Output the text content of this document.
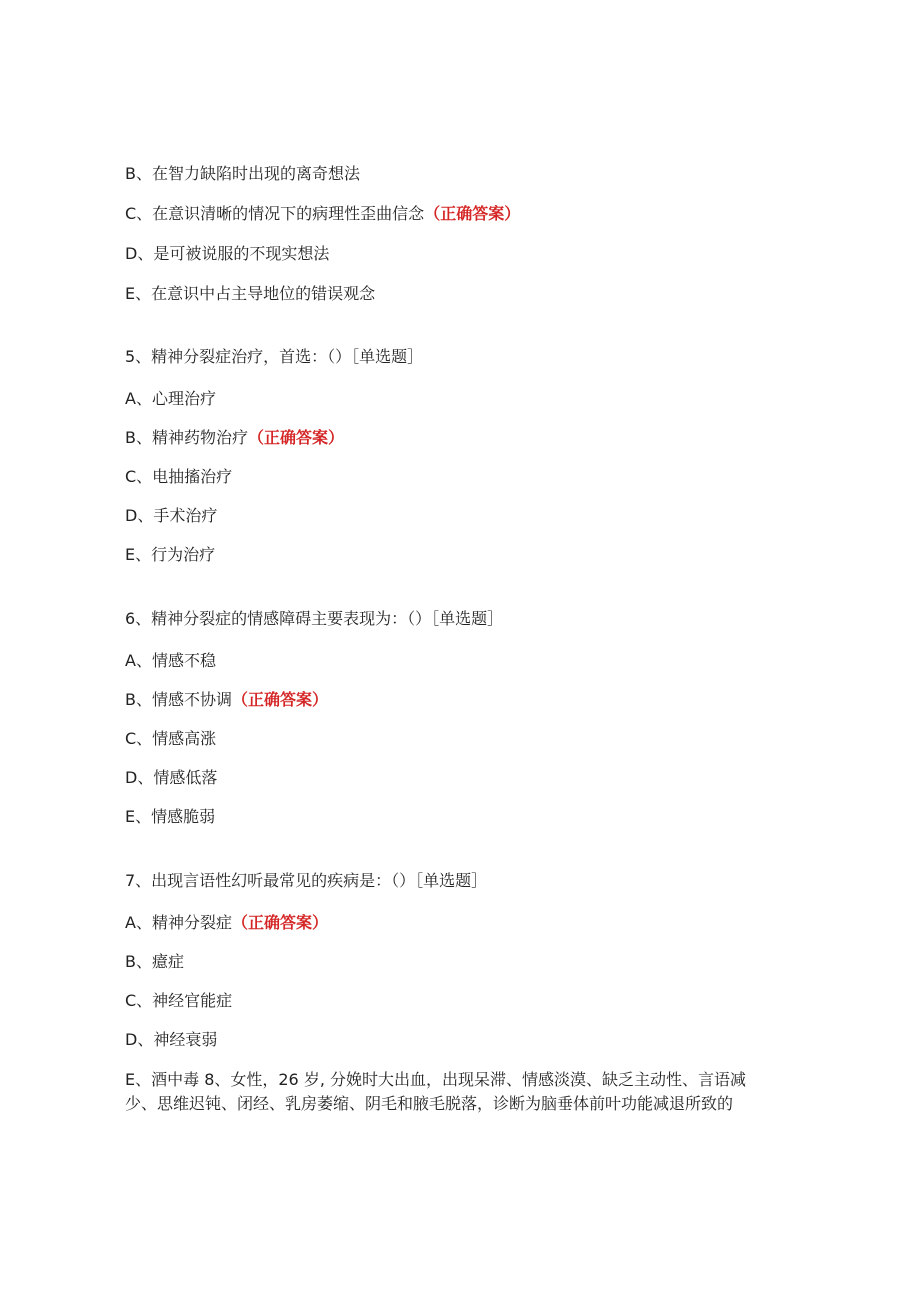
B、在智力缺陷时出现的离奇想法
C、在意识清晰的情况下的病理性歪曲信念（正确答案）
D、是可被说服的不现实想法
E、在意识中占主导地位的错误观念
5、精神分裂症治疗，首选：（）［单选题］
A、心理治疗
B、精神药物治疗（正确答案）
C、电抽搐治疗
D、手术治疗
E、行为治疗
6、精神分裂症的情感障碍主要表现为：（）［单选题］
A、情感不稳
B、情感不协调（正确答案）
C、情感高涨
D、情感低落
E、情感脆弱
7、出现言语性幻听最常见的疾病是：（）［单选题］
A、精神分裂症（正确答案）
B、癔症
C、神经官能症
D、神经衰弱
E、酒中毒 8、女性，26 岁, 分娩时大出血，出现呆滞、情感淡漠、缺乏主动性、言语减少、思维迟钝、闭经、乳房萎缩、阴毛和腋毛脱落，诊断为脑垂体前叶功能减退所致的
